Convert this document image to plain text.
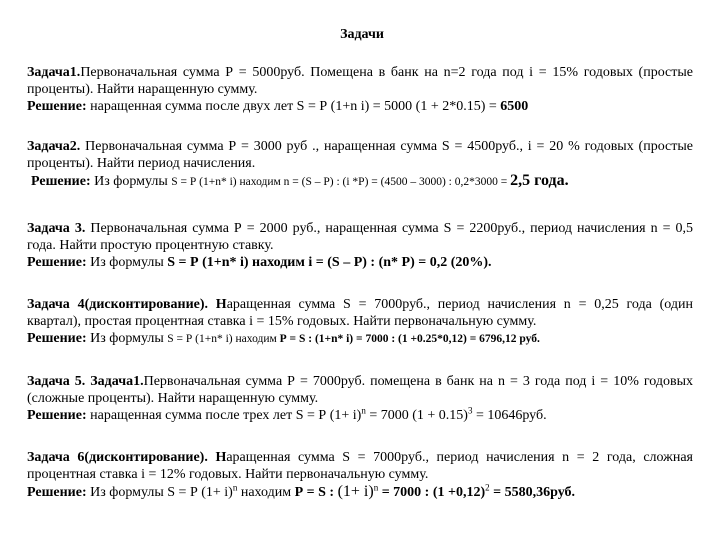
Задачи

Задача1.Первоначальная сумма Р = 5000руб. Помещена в банк на n=2 года под i = 15% годовых (простые проценты). Найти наращенную сумму.

Решение: наращенная сумма после двух лет S = Р (1+n i) = 5000 (1 + 2*0.15) = 6500

Задача2. Первоначальная сумма Р = 3000 руб ., наращенная сумма S = 4500руб., i = 20 % годовых (простые проценты). Найти период начисления.

Решение: Из формулы S = Р (1+n* i) находим n = (S – P) : (i *P) = (4500 – 3000) : 0,2*3000 = 2,5 года.

Задача 3. Первоначальная сумма Р = 2000 руб., наращенная сумма S = 2200руб., период начисления n = 0,5 года. Найти простую процентную ставку.

Решение: Из формулы S = Р (1+n* i) находим i = (S – P) : (n* P) = 0,2 (20%).

Задача 4(дисконтирование). Наращенная сумма S = 7000руб., период начисления n = 0,25 года (один квартал), простая процентная ставка i = 15% годовых. Найти первоначальную сумму.

Решение: Из формулы S = Р (1+n* i) находим Р = S : (1+n* i) = 7000 : (1 +0.25*0,12) = 6796,12 руб.

Задача 5. Задача1.Первоначальная сумма Р = 7000руб. помещена в банк на n = 3 года под i = 10% годовых (сложные проценты). Найти наращенную сумму.

Решение: наращенная сумма после трех лет S = Р $(1+ i)^n = 7000$ $(1 + 0.15)^3 = 10646руб$.

Задача 6(дисконтирование). Наращенная сумма S = 7000руб., период начисления n = 2 года, сложная процентная ставка i = 12% годовых. Найти первоначальную сумму.

Решение: Из формулы S = Р $(1+ i)^n$ находим Р = S : $(1+ i)^n = 7000$ : $(1 +0,12)^2 = 5580,36руб$.
